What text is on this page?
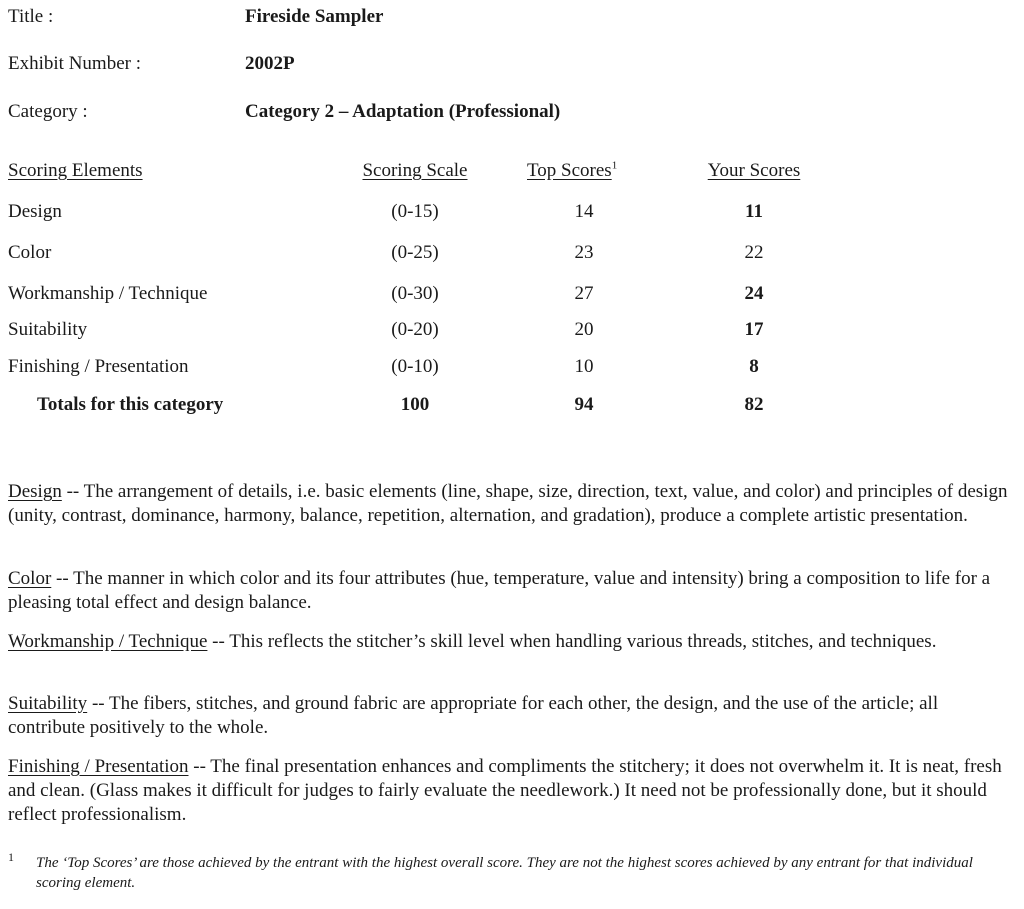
Title :	Fireside Sampler
Exhibit Number :	2002P
Category :	Category 2 – Adaptation (Professional)
Scoring Elements	Scoring Scale	Top Scores$^1$	Your Scores
Design	(0-15)	14	11
Color	(0-25)	23	22
Workmanship / Technique	(0-30)	27	24
Suitability	(0-20)	20	17
Finishing / Presentation	(0-10)	10	8
Totals for this category	100	94	82
Design -- The arrangement of details, i.e. basic elements (line, shape, size, direction, text, value, and color) and principles of design (unity, contrast, dominance, harmony, balance, repetition, alternation, and gradation), produce a complete artistic presentation.
Color -- The manner in which color and its four attributes (hue, temperature, value and intensity) bring a composition to life for a pleasing total effect and design balance.
Workmanship / Technique -- This reflects the stitcher’s skill level when handling various threads, stitches, and techniques.
Suitability -- The fibers, stitches, and ground fabric are appropriate for each other, the design, and the use of the article; all contribute positively to the whole.
Finishing / Presentation -- The final presentation enhances and compliments the stitchery; it does not overwhelm it. It is neat, fresh and clean. (Glass makes it difficult for judges to fairly evaluate the needlework.) It need not be professionally done, but it should reflect professionalism.
1 The ‘Top Scores’ are those achieved by the entrant with the highest overall score. They are not the highest scores achieved by any entrant for that individual scoring element.
